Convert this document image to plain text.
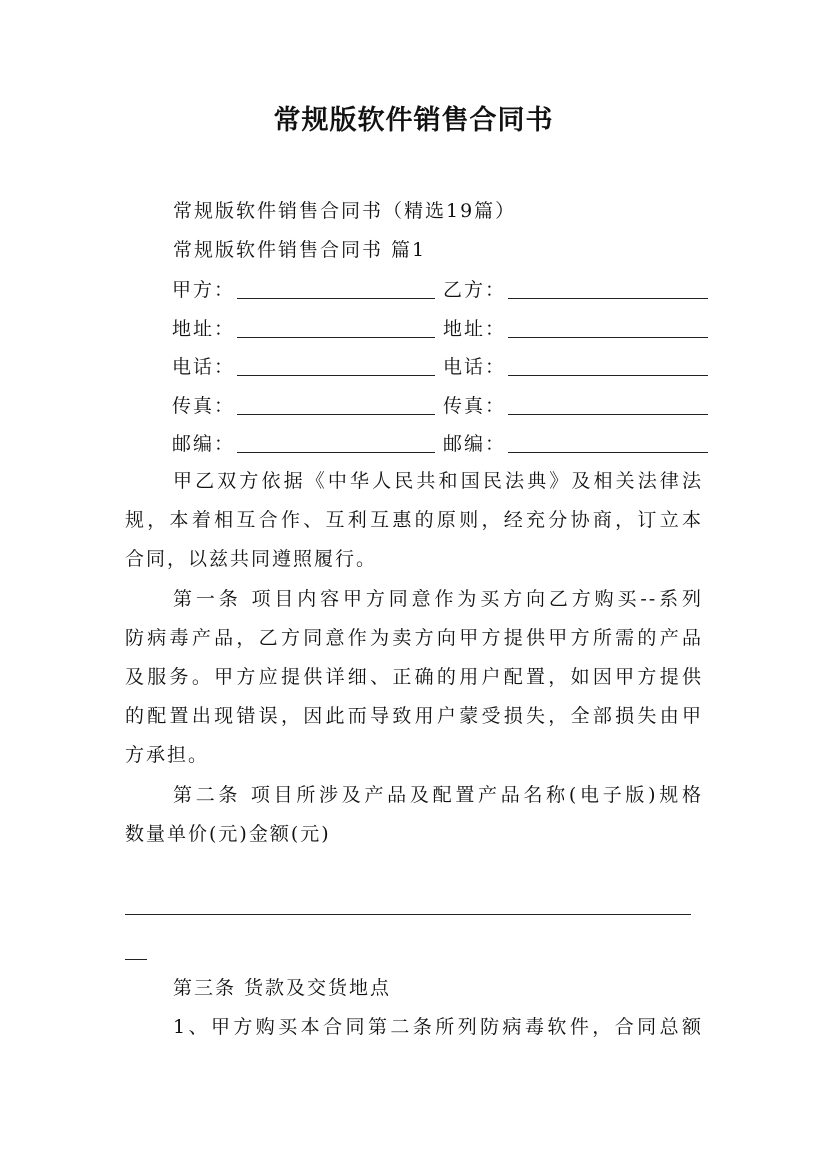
常规版软件销售合同书
常规版软件销售合同书（精选19篇）
常规版软件销售合同书 篇1
甲方：	乙方：
地址：	地址：
电话：	电话：
传真：	传真：
邮编：	邮编：
甲乙双方依据《中华人民共和国民法典》及相关法律法
规，本着相互合作、互利互惠的原则，经充分协商，订立本
合同，以兹共同遵照履行。
第一条 项目内容甲方同意作为买方向乙方购买--系列
防病毒产品，乙方同意作为卖方向甲方提供甲方所需的产品
及服务。甲方应提供详细、正确的用户配置，如因甲方提供
的配置出现错误，因此而导致用户蒙受损失，全部损失由甲
方承担。
第二条 项目所涉及产品及配置产品名称(电子版)规格
数量单价(元)金额(元)
第三条 货款及交货地点
1、甲方购买本合同第二条所列防病毒软件，合同总额
